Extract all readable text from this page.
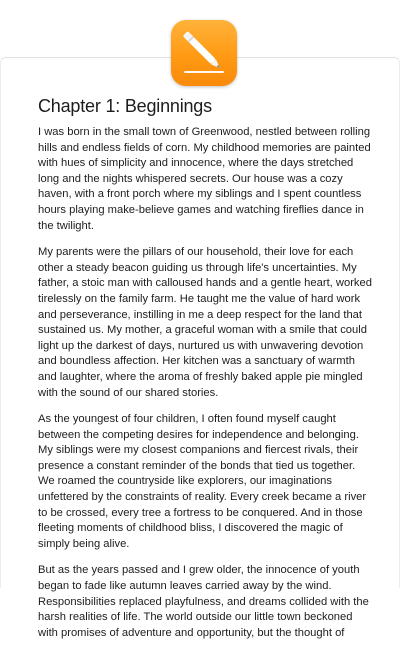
Chapter 1: Beginnings

I was born in the small town of Greenwood, nestled between rolling hills and endless fields of corn. My childhood memories are painted with hues of simplicity and innocence, where the days stretched long and the nights whispered secrets. Our house was a cozy haven, with a front porch where my siblings and I spent countless hours playing make-believe games and watching fireflies dance in the twilight.

My parents were the pillars of our household, their love for each other a steady beacon guiding us through life's uncertainties. My father, a stoic man with calloused hands and a gentle heart, worked tirelessly on the family farm. He taught me the value of hard work and perseverance, instilling in me a deep respect for the land that sustained us. My mother, a graceful woman with a smile that could light up the darkest of days, nurtured us with unwavering devotion and boundless affection. Her kitchen was a sanctuary of warmth and laughter, where the aroma of freshly baked apple pie mingled with the sound of our shared stories.

As the youngest of four children, I often found myself caught between the competing desires for independence and belonging. My siblings were my closest companions and fiercest rivals, their presence a constant reminder of the bonds that tied us together. We roamed the countryside like explorers, our imaginations unfettered by the constraints of reality. Every creek became a river to be crossed, every tree a fortress to be conquered. And in those fleeting moments of childhood bliss, I discovered the magic of simply being alive.

But as the years passed and I grew older, the innocence of youth began to fade like autumn leaves carried away by the wind. Responsibilities replaced playfulness, and dreams collided with the harsh realities of life. The world outside our little town beckoned with promises of adventure and opportunity, but the thought of
